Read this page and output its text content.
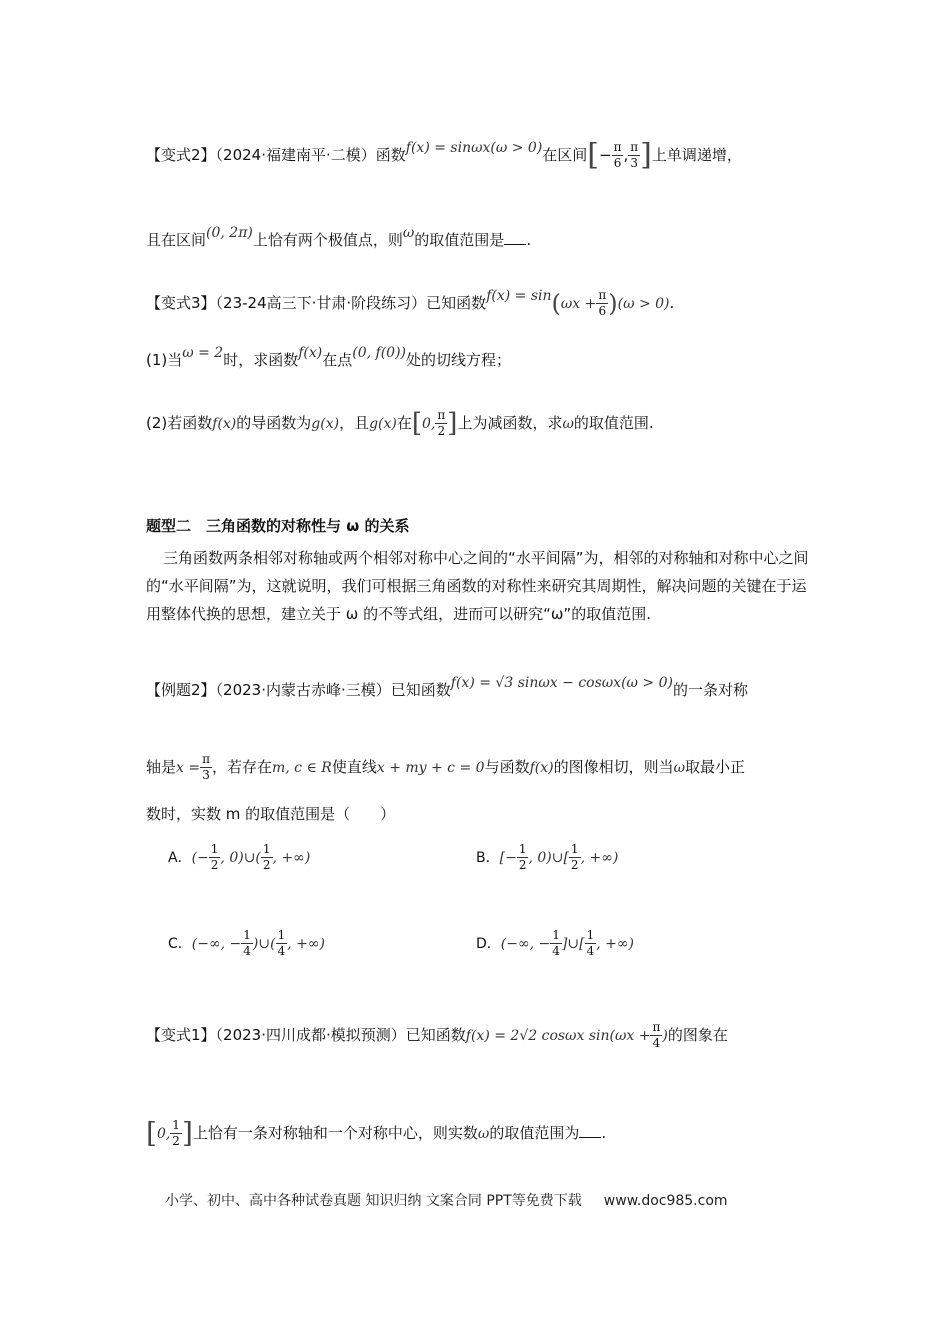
【变式2】（2024·福建南平·二模）函数f(x) = sinωx(ω > 0)在区间[− $\frac{\pi}{6}$ , $\frac{\pi}{3}$ ]上单调递增，
且在区间(0, 2π)上恰有两个极值点，则ω的取值范围是 .
【变式3】（23-24高三下·甘肃·阶段练习）已知函数$f(x) = \sin(\omega x + \frac{\pi}{6} )(\omega > 0)$.
(1)当ω = 2时，求函数f(x)在点(0, f(0))处的切线方程；
(2)若函数f(x)的导函数为g(x)，且g(x)在[0, $\frac{\pi}{2}$ ]上为减函数，求ω的取值范围.
题型二　三角函数的对称性与 ω 的关系
三角函数两条相邻对称轴或两个相邻对称中心之间的“水平间隔”为，相邻的对称轴和对称中心之间的“水平间隔”为，这就说明，我们可根据三角函数的对称性来研究其周期性，解决问题的关键在于运用整体代换的思想，建立关于 ω 的不等式组，进而可以研究“ω”的取值范围.
【例题2】（2023·内蒙古赤峰·三模）已知函数f(x) = √3 sinωx − cosωx(ω > 0)的一条对称
轴是$x = \frac{\pi}{3}$ ，若存在m, c ∈ R使直线x + my + c = 0与函数f(x)的图像相切，则当ω取最小正
数时，实数 m 的取值范围是（　　）
A．(− $\frac{1}{2}$ , 0)∪( $\frac{1}{2}$ , +∞)	B．[− $\frac{1}{2}$ , 0)∪[ $\frac{1}{2}$ , +∞)
C．(−∞, − $\frac{1}{4}$ )∪( $\frac{1}{4}$ , +∞)	D．(−∞, − $\frac{1}{4}$ ]∪[ $\frac{1}{4}$ , +∞)
【变式1】（2023·四川成都·模拟预测）已知函数f(x) = 2√2 cosωx $\sin(\omega x + \frac{\pi}{4}$ )的图象在
[0, $\frac{1}{2}$ ]上恰有一条对称轴和一个对称中心，则实数ω的取值范围为 .
小学、初中、高中各种试卷真题 知识归纳 文案合同 PPT等免费下载 www.doc985.com
